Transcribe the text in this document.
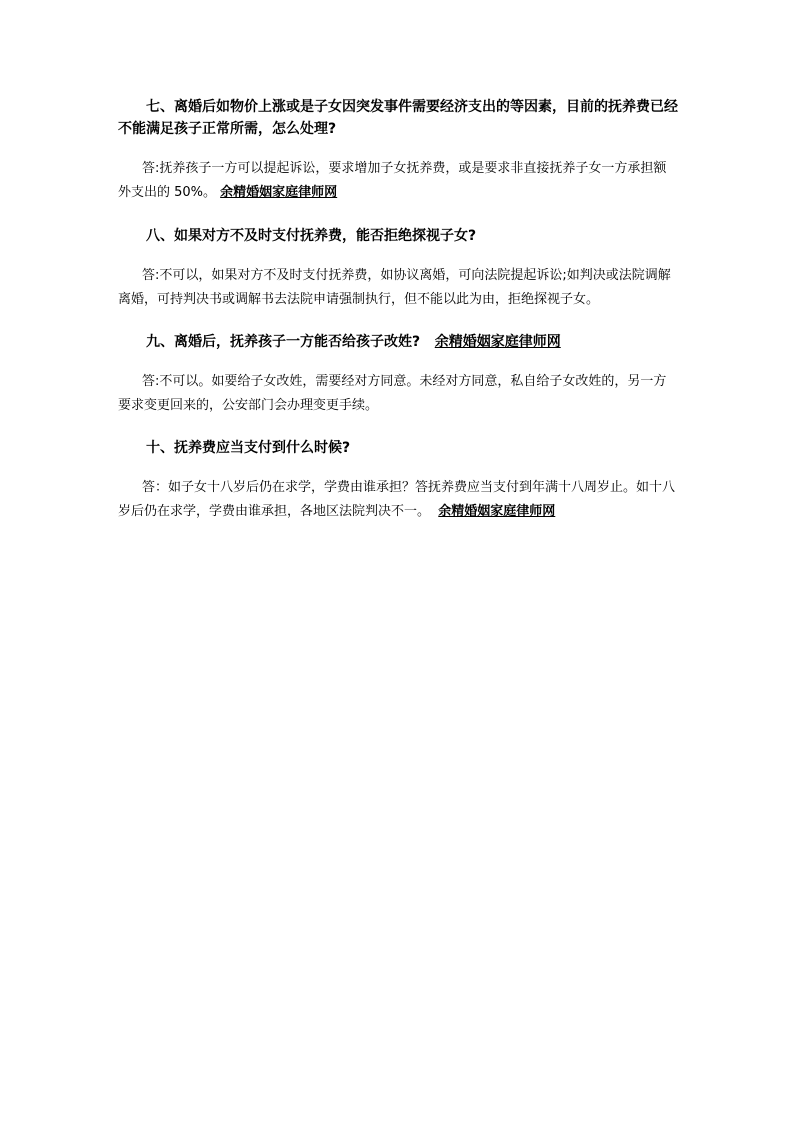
七、离婚后如物价上涨或是子女因突发事件需要经济支出的等因素，目前的抚养费已经不能满足孩子正常所需，怎么处理?

答:抚养孩子一方可以提起诉讼，要求增加子女抚养费，或是要求非直接抚养子女一方承担额外支出的 50%。 余精婚姻家庭律师网

八、如果对方不及时支付抚养费，能否拒绝探视子女?

答:不可以，如果对方不及时支付抚养费，如协议离婚，可向法院提起诉讼;如判决或法院调解离婚，可持判决书或调解书去法院申请强制执行，但不能以此为由，拒绝探视子女。

九、离婚后，抚养孩子一方能否给孩子改姓? 余精婚姻家庭律师网

答:不可以。如要给子女改姓，需要经对方同意。未经对方同意，私自给子女改姓的，另一方要求变更回来的，公安部门会办理变更手续。

十、抚养费应当支付到什么时候?

答：如子女十八岁后仍在求学，学费由谁承担？答抚养费应当支付到年满十八周岁止。如十八岁后仍在求学，学费由谁承担，各地区法院判决不一。 余精婚姻家庭律师网
